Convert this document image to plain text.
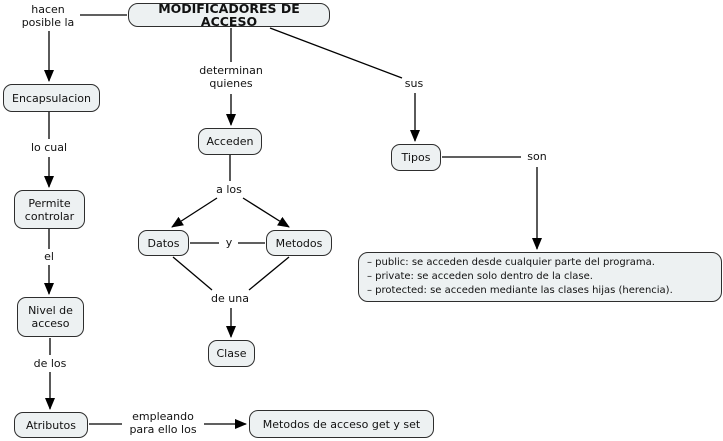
MODIFICADORES DE ACCESO
Encapsulacion
Permite controlar
Nivel de acceso
Atributos
Acceden
Datos	Metodos
Clase
Tipos
– public: se acceden desde cualquier parte del programa.
– private: se acceden solo dentro de la clase.
– protected: se acceden mediante las clases hijas (herencia).
Metodos de acceso get y set
hacen posible la
lo cual
el
de los
empleando para ello los
determinan quienes
a los
y
de una
sus
son
